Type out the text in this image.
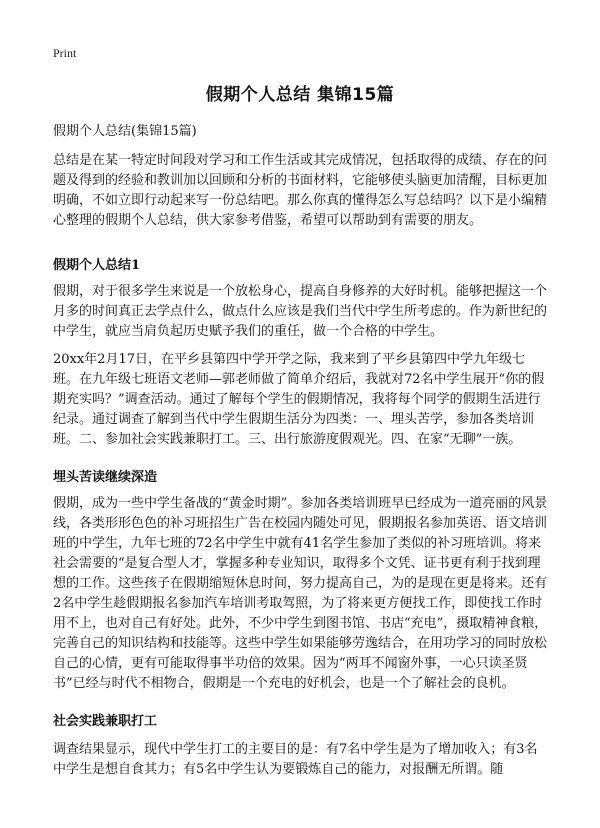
Print
假期个人总结 集锦15篇
假期个人总结(集锦15篇)

总结是在某一特定时间段对学习和工作生活或其完成情况，包括取得的成绩、存在的问题及得到的经验和教训加以回顾和分析的书面材料，它能够使头脑更加清醒，目标更加明确，不如立即行动起来写一份总结吧。那么你真的懂得怎么写总结吗？以下是小编精心整理的假期个人总结，供大家参考借鉴，希望可以帮助到有需要的朋友。

假期个人总结1

假期，对于很多学生来说是一个放松身心，提高自身修养的大好时机。能够把握这一个月多的时间真正去学点什么，做点什么应该是我们当代中学生所考虑的。作为新世纪的中学生，就应当肩负起历史赋予我们的重任，做一个合格的中学生。

20xx年2月17日，在平乡县第四中学开学之际，我来到了平乡县第四中学九年级七班。在九年级七班语文老师—郭老师做了简单介绍后，我就对72名中学生展开“你的假期充实吗？”调查活动。通过了解每个学生的假期情况，我将每个同学的假期生活进行纪录。通过调查了解到当代中学生假期生活分为四类：一、埋头苦学，参加各类培训班。二、参加社会实践兼职打工。三、出行旅游度假观光。四、在家“无聊”一族。

埋头苦读继续深造

假期，成为一些中学生备战的“黄金时期”。参加各类培训班早已经成为一道亮丽的风景线，各类形形色色的补习班招生广告在校园内随处可见，假期报名参加英语、语文培训班的中学生，九年七班的72名中学生中就有41名学生参加了类似的补习班培训。将来社会需要的“是复合型人才，掌握多种专业知识，取得多个文凭、证书更有利于找到理想的工作。这些孩子在假期缩短休息时间，努力提高自己，为的是现在更是将来。还有2名中学生趁假期报名参加汽车培训考取驾照，为了将来更方便找工作，即使找工作时用不上，也对自己有好处。此外，不少中学生到图书馆、书店“充电”，摄取精神食粮，完善自己的知识结构和技能等。这些中学生如果能够劳逸结合，在用功学习的同时放松自己的心情，更有可能取得事半功倍的效果。因为“两耳不闻窗外事，一心只读圣贤书”已经与时代不相物合，假期是一个充电的好机会，也是一个了解社会的良机。

社会实践兼职打工

调查结果显示，现代中学生打工的主要目的是：有7名中学生是为了增加收入；有3名中学生是想自食其力；有5名中学生认为要锻炼自己的能力，对报酬无所谓。随
